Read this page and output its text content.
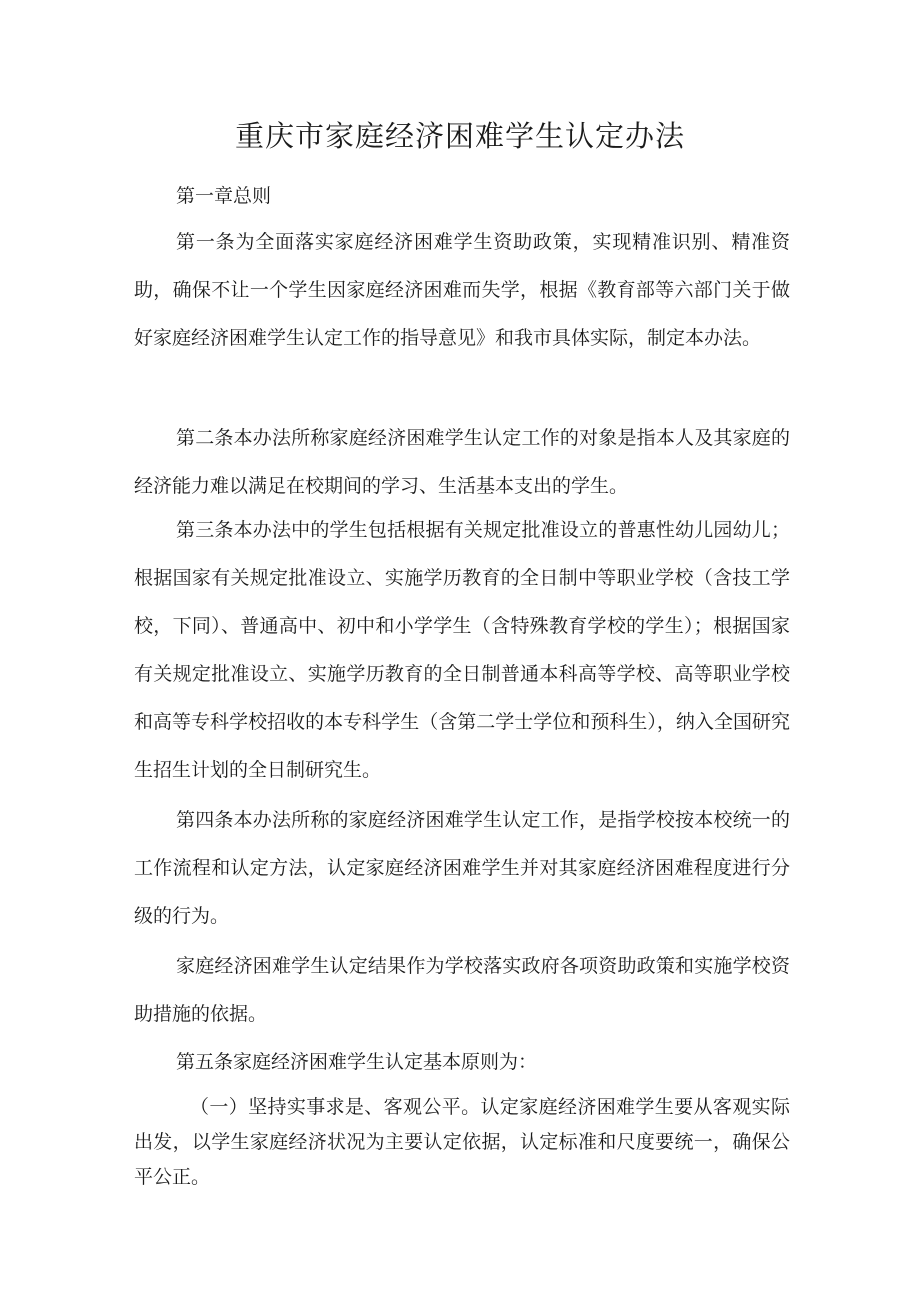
重庆市家庭经济困难学生认定办法

第一章总则

第一条为全面落实家庭经济困难学生资助政策，实现精准识别、精准资助，确保不让一个学生因家庭经济困难而失学，根据《教育部等六部门关于做好家庭经济困难学生认定工作的指导意见》和我市具体实际，制定本办法。

第二条本办法所称家庭经济困难学生认定工作的对象是指本人及其家庭的经济能力难以满足在校期间的学习、生活基本支出的学生。

第三条本办法中的学生包括根据有关规定批准设立的普惠性幼儿园幼儿；根据国家有关规定批准设立、实施学历教育的全日制中等职业学校（含技工学校，下同）、普通高中、初中和小学学生（含特殊教育学校的学生）；根据国家有关规定批准设立、实施学历教育的全日制普通本科高等学校、高等职业学校和高等专科学校招收的本专科学生（含第二学士学位和预科生），纳入全国研究生招生计划的全日制研究生。

第四条本办法所称的家庭经济困难学生认定工作，是指学校按本校统一的工作流程和认定方法，认定家庭经济困难学生并对其家庭经济困难程度进行分级的行为。

家庭经济困难学生认定结果作为学校落实政府各项资助政策和实施学校资助措施的依据。

第五条家庭经济困难学生认定基本原则为：

（一）坚持实事求是、客观公平。认定家庭经济困难学生要从客观实际出发，以学生家庭经济状况为主要认定依据，认定标准和尺度要统一，确保公平公正。
